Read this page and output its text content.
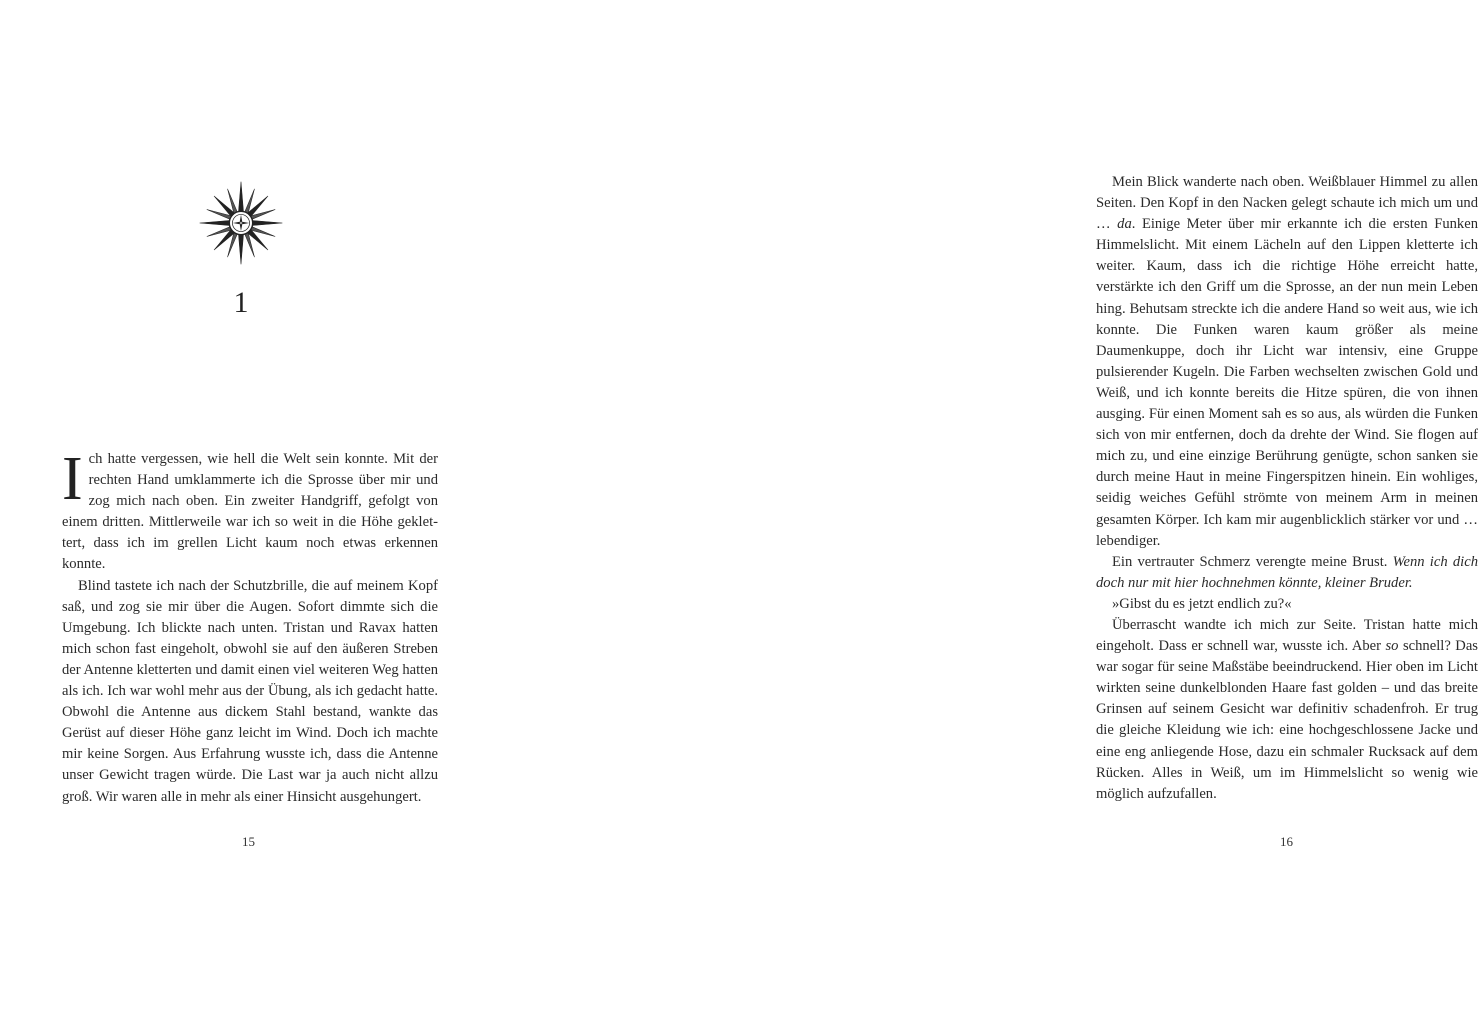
1

Ich hatte vergessen, wie hell die Welt sein konnte. Mit der rechten Hand umklammerte ich die Sprosse über mir und zog mich nach oben. Ein zweiter Handgriff, gefolgt von einem dritten. Mittlerweile war ich so weit in die Höhe geklettert, dass ich im grellen Licht kaum noch etwas erkennen konnte.

Blind tastete ich nach der Schutzbrille, die auf meinem Kopf saß, und zog sie mir über die Augen. Sofort dimmte sich die Umgebung. Ich blickte nach unten. Tristan und Ravax hatten mich schon fast eingeholt, obwohl sie auf den äußeren Streben der Antenne kletterten und damit einen viel weiteren Weg hatten als ich. Ich war wohl mehr aus der Übung, als ich gedacht hatte. Obwohl die Antenne aus dickem Stahl bestand, wankte das Gerüst auf dieser Höhe ganz leicht im Wind. Doch ich machte mir keine Sorgen. Aus Erfahrung wusste ich, dass die Antenne unser Gewicht tragen würde. Die Last war ja auch nicht allzu groß. Wir waren alle in mehr als einer Hinsicht ausgehungert.

15

Mein Blick wanderte nach oben. Weißblauer Himmel zu allen Seiten. Den Kopf in den Nacken gelegt schaute ich mich um und … da. Einige Meter über mir erkannte ich die ersten Funken Himmelslicht. Mit einem Lächeln auf den Lippen kletterte ich weiter. Kaum, dass ich die richtige Höhe erreicht hatte, verstärkte ich den Griff um die Sprosse, an der nun mein Leben hing. Behutsam streckte ich die andere Hand so weit aus, wie ich konnte. Die Funken waren kaum größer als meine Daumenkuppe, doch ihr Licht war intensiv, eine Gruppe pulsierender Kugeln. Die Farben wechselten zwischen Gold und Weiß, und ich konnte bereits die Hitze spüren, die von ihnen ausging. Für einen Moment sah es so aus, als würden die Funken sich von mir entfernen, doch da drehte der Wind. Sie flogen auf mich zu, und eine einzige Berührung genügte, schon sanken sie durch meine Haut in meine Fingerspitzen hinein. Ein wohliges, seidig weiches Gefühl strömte von meinem Arm in meinen gesamten Körper. Ich kam mir augenblicklich stärker vor und … lebendiger.

Ein vertrauter Schmerz verengte meine Brust. Wenn ich dich doch nur mit hier hochnehmen könnte, kleiner Bruder.

»Gibst du es jetzt endlich zu?«

Überrascht wandte ich mich zur Seite. Tristan hatte mich eingeholt. Dass er schnell war, wusste ich. Aber so schnell? Das war sogar für seine Maßstäbe beeindruckend. Hier oben im Licht wirkten seine dunkelblonden Haare fast golden – und das breite Grinsen auf seinem Gesicht war definitiv schadenfroh. Er trug die gleiche Kleidung wie ich: eine hochgeschlossene Jacke und eine eng anliegende Hose, dazu ein schmaler Rucksack auf dem Rücken. Alles in Weiß, um im Himmelslicht so wenig wie möglich aufzufallen.

16
